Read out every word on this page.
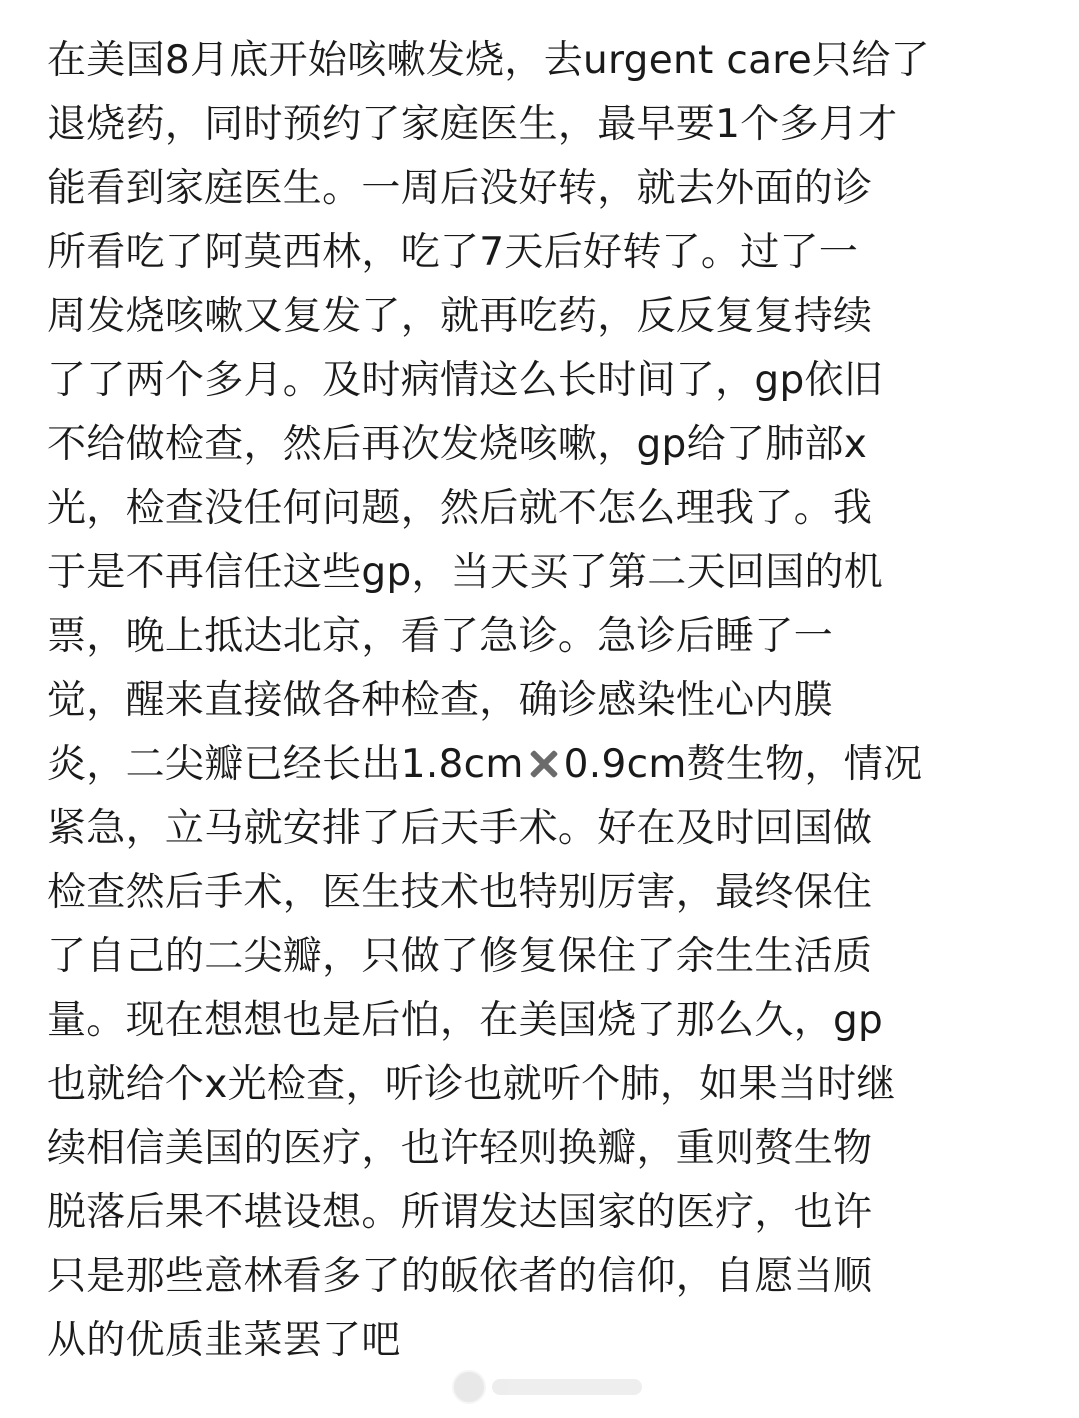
在美国8月底开始咳嗽发烧，去urgent care只给了
退烧药，同时预约了家庭医生，最早要1个多月才
能看到家庭医生。一周后没好转，就去外面的诊
所看吃了阿莫西林，吃了7天后好转了。过了一
周发烧咳嗽又复发了，就再吃药，反反复复持续
了了两个多月。及时病情这么长时间了，gp依旧
不给做检查，然后再次发烧咳嗽，gp给了肺部x
光，检查没任何问题，然后就不怎么理我了。我
于是不再信任这些gp，当天买了第二天回国的机
票，晚上抵达北京，看了急诊。急诊后睡了一
觉，醒来直接做各种检查，确诊感染性心内膜
炎，二尖瓣已经长出1.8cm 0.9cm赘生物，情况
紧急，立马就安排了后天手术。好在及时回国做
检查然后手术，医生技术也特别厉害，最终保住
了自己的二尖瓣，只做了修复保住了余生生活质
量。现在想想也是后怕，在美国烧了那么久，gp
也就给个x光检查，听诊也就听个肺，如果当时继
续相信美国的医疗，也许轻则换瓣，重则赘生物
脱落后果不堪设想。所谓发达国家的医疗，也许
只是那些意林看多了的皈依者的信仰，自愿当顺
从的优质韭菜罢了吧
